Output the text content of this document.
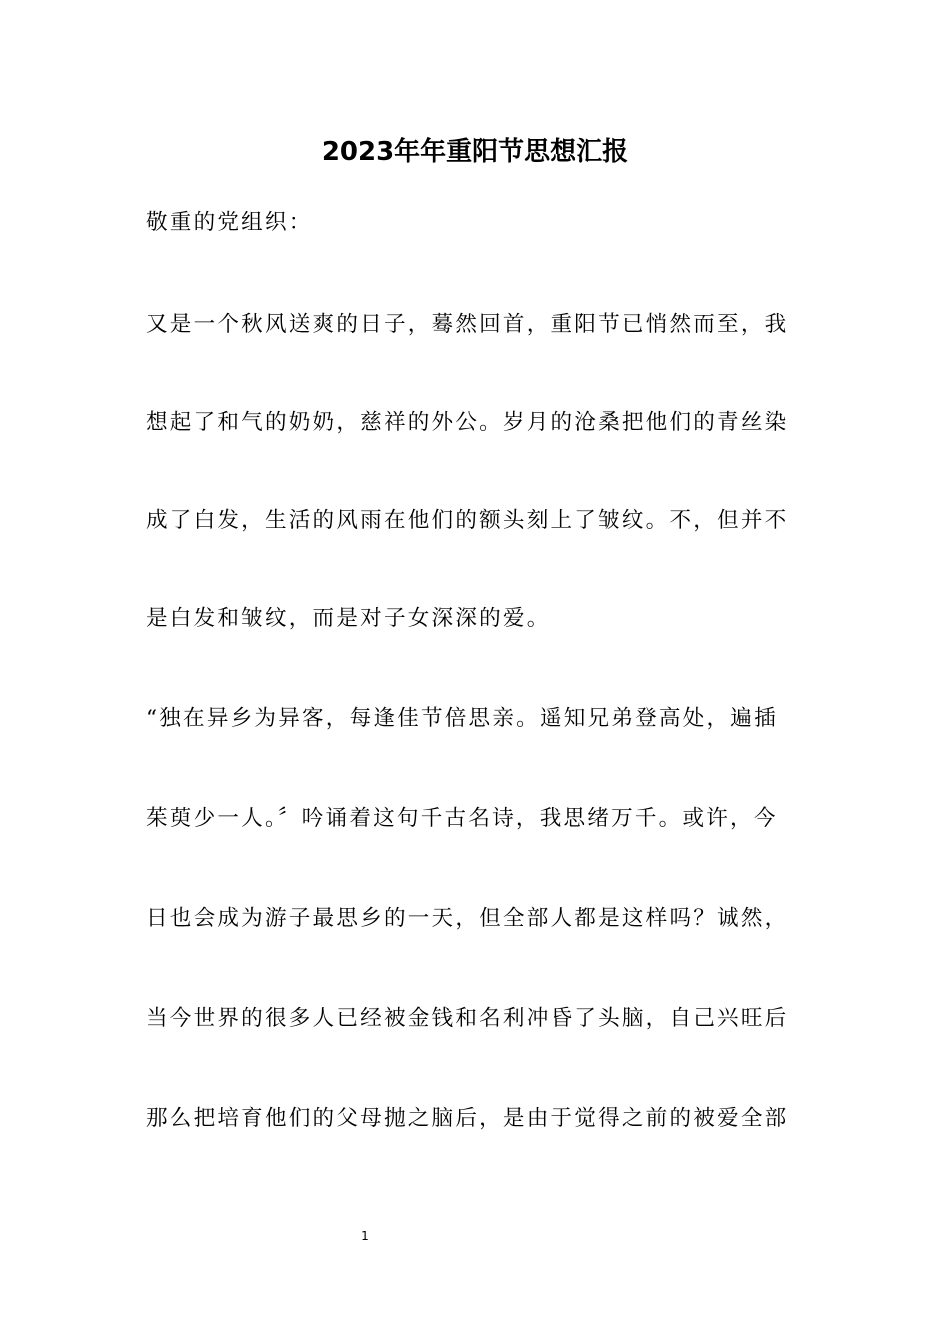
2023年年重阳节思想汇报
敬重的党组织：
又是一个秋风送爽的日子，蓦然回首，重阳节已悄然而至，我
想起了和气的奶奶，慈祥的外公。岁月的沧桑把他们的青丝染
成了白发，生活的风雨在他们的额头刻上了皱纹。不，但并不
是白发和皱纹，而是对子女深深的爱。
“独在异乡为异客，每逢佳节倍思亲。遥知兄弟登高处，遍插
茱萸少一人。〞吟诵着这句千古名诗，我思绪万千。或许，今
日也会成为游子最思乡的一天，但全部人都是这样吗？诚然，
当今世界的很多人已经被金钱和名利冲昏了头脑，自己兴旺后
那么把培育他们的父母抛之脑后，是由于觉得之前的被爱全部
1
